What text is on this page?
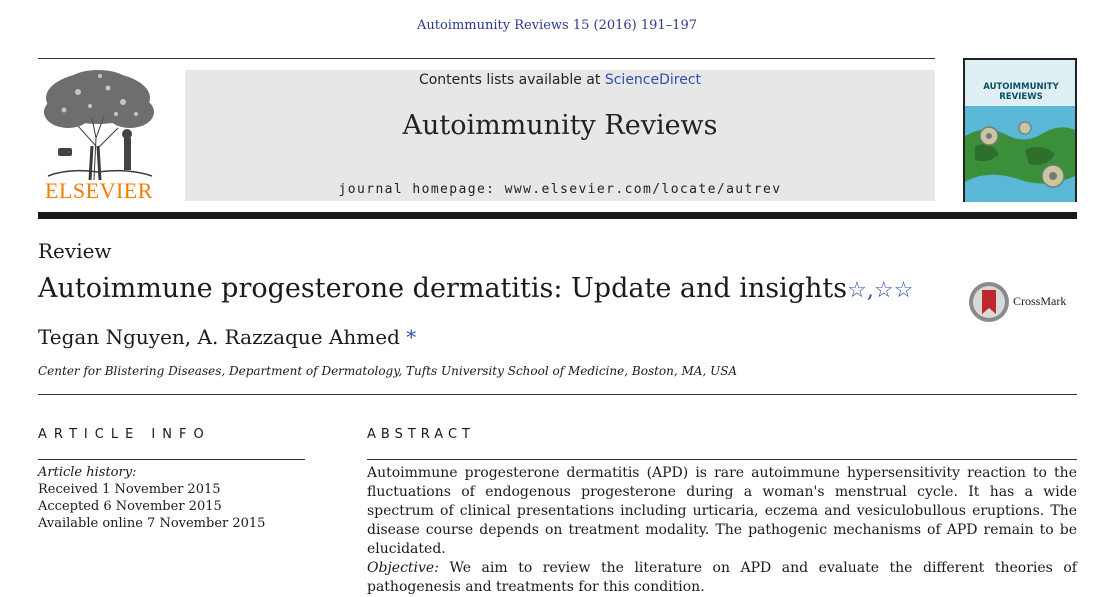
Autoimmunity Reviews 15 (2016) 191–197
ELSEVIER
Contents lists available at ScienceDirect
Autoimmunity Reviews
journal homepage: www.elsevier.com/locate/autrev
AUTOIMMUNITY
REVIEWS
Review
Autoimmune progesterone dermatitis: Update and insights☆,☆☆	CrossMark
Tegan Nguyen, A. Razzaque Ahmed *
Center for Blistering Diseases, Department of Dermatology, Tufts University School of Medicine, Boston, MA, USA
ARTICLE INFO
Article history:
Received 1 November 2015
Accepted 6 November 2015
Available online 7 November 2015
ABSTRACT

Autoimmune progesterone dermatitis (APD) is rare autoimmune hypersensitivity reaction to the fluctuations of endogenous progesterone during a woman's menstrual cycle. It has a wide spectrum of clinical presentations including urticaria, eczema and vesiculobullous eruptions. The disease course depends on treatment modality. The pathogenic mechanisms of APD remain to be elucidated.

Objective: We aim to review the literature on APD and evaluate the different theories of pathogenesis and treatments for this condition.
